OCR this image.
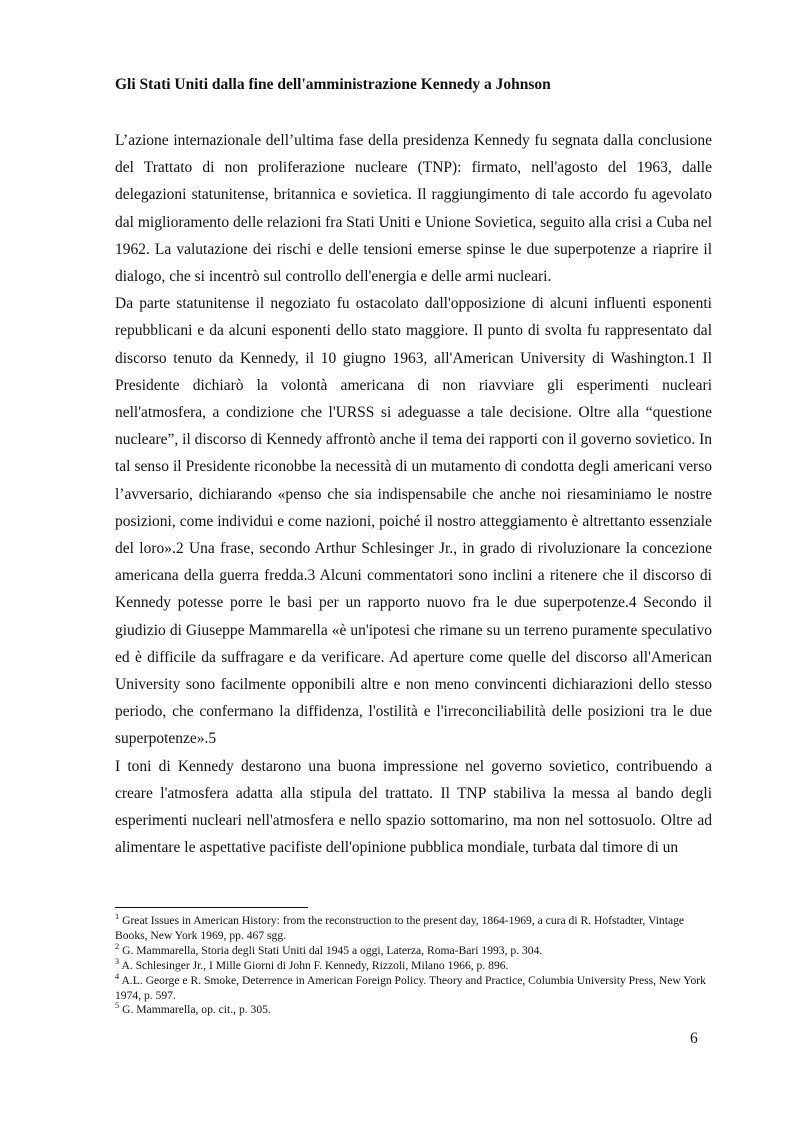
Gli Stati Uniti dalla fine dell'amministrazione Kennedy a Johnson

L’azione internazionale dell’ultima fase della presidenza Kennedy fu segnata dalla conclusione del Trattato di non proliferazione nucleare (TNP): firmato, nell'agosto del 1963, dalle delegazioni statunitense, britannica e sovietica. Il raggiungimento di tale accordo fu agevolato dal miglioramento delle relazioni fra Stati Uniti e Unione Sovietica, seguito alla crisi a Cuba nel 1962. La valutazione dei rischi e delle tensioni emerse spinse le due superpotenze a riaprire il dialogo, che si incentrò sul controllo dell'energia e delle armi nucleari.

Da parte statunitense il negoziato fu ostacolato dall'opposizione di alcuni influenti esponenti repubblicani e da alcuni esponenti dello stato maggiore. Il punto di svolta fu rappresentato dal discorso tenuto da Kennedy, il 10 giugno 1963, all'American University di Washington.1 Il Presidente dichiarò la volontà americana di non riavviare gli esperimenti nucleari nell'atmosfera, a condizione che l'URSS si adeguasse a tale decisione. Oltre alla “questione nucleare”, il discorso di Kennedy affrontò anche il tema dei rapporti con il governo sovietico. In tal senso il Presidente riconobbe la necessità di un mutamento di condotta degli americani verso l’avversario, dichiarando «penso che sia indispensabile che anche noi riesaminiamo le nostre posizioni, come individui e come nazioni, poiché il nostro atteggiamento è altrettanto essenziale del loro».2 Una frase, secondo Arthur Schlesinger Jr., in grado di rivoluzionare la concezione americana della guerra fredda.3 Alcuni commentatori sono inclini a ritenere che il discorso di Kennedy potesse porre le basi per un rapporto nuovo fra le due superpotenze.4 Secondo il giudizio di Giuseppe Mammarella «è un'ipotesi che rimane su un terreno puramente speculativo ed è difficile da suffragare e da verificare. Ad aperture come quelle del discorso all'American University sono facilmente opponibili altre e non meno convincenti dichiarazioni dello stesso periodo, che confermano la diffidenza, l'ostilità e l'irreconciliabilità delle posizioni tra le due superpotenze».5

I toni di Kennedy destarono una buona impressione nel governo sovietico, contribuendo a creare l'atmosfera adatta alla stipula del trattato. Il TNP stabiliva la messa al bando degli esperimenti nucleari nell'atmosfera e nello spazio sottomarino, ma non nel sottosuolo. Oltre ad alimentare le aspettative pacifiste dell'opinione pubblica mondiale, turbata dal timore di un

$^1$ Great Issues in American History: from the reconstruction to the present day, 1864-1969, a cura di R. Hofstadter, Vintage Books, New York 1969, pp. 467 sgg.
$^2$ G. Mammarella, Storia degli Stati Uniti dal 1945 a oggi, Laterza, Roma-Bari 1993, p. 304.
$^3$ A. Schlesinger Jr., I Mille Giorni di John F. Kennedy, Rizzoli, Milano 1966, p. 896.
$^4$ A.L. George e R. Smoke, Deterrence in American Foreign Policy. Theory and Practice, Columbia University Press, New York 1974, p. 597.
$^5$ G. Mammarella, op. cit., p. 305.
6
